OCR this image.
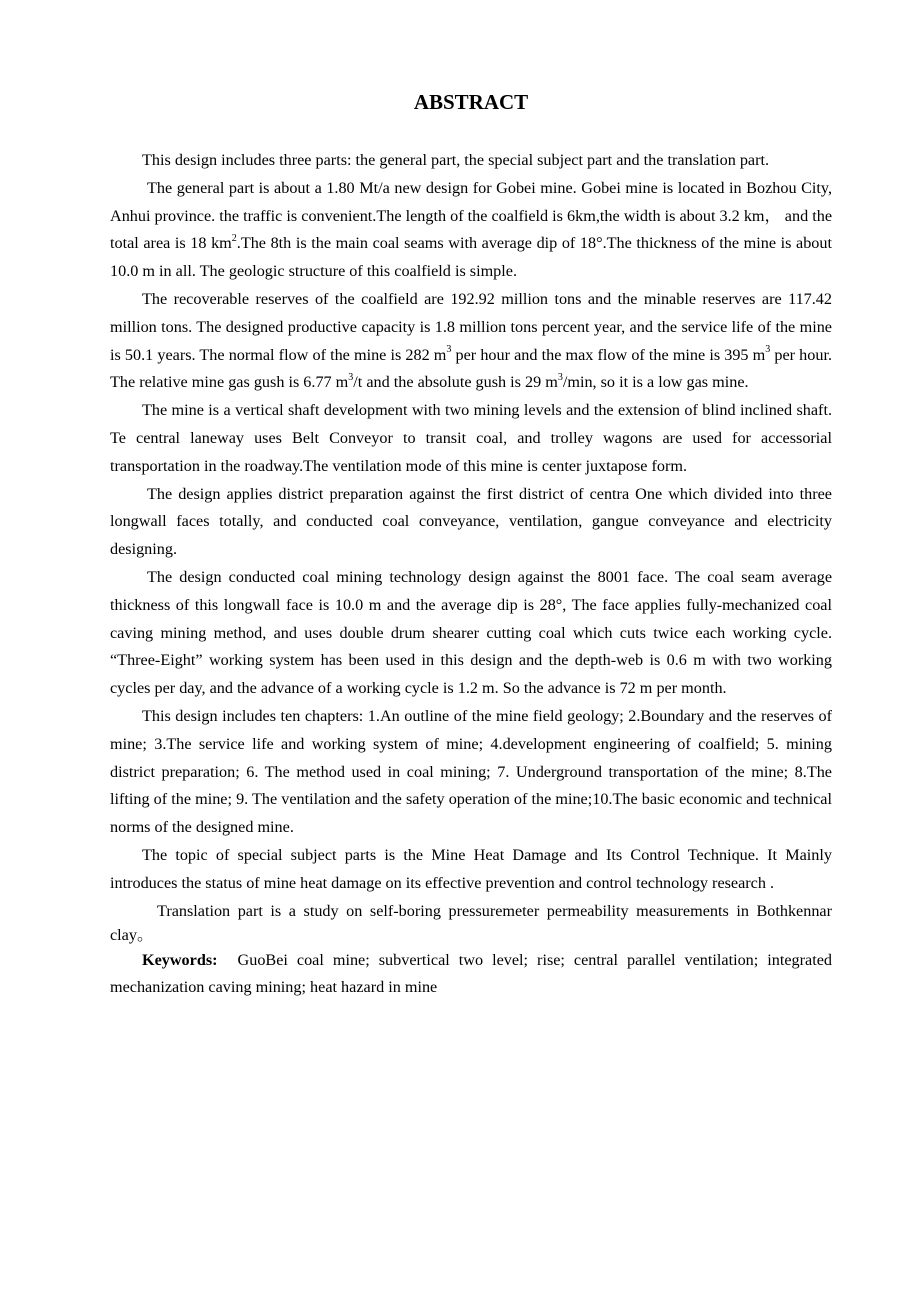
ABSTRACT

This design includes three parts: the general part, the special subject part and the translation part.

The general part is about a 1.80 Mt/a new design for Gobei mine. Gobei mine is located in Bozhou City, Anhui province. the traffic is convenient.The length of the coalfield is 6km,the width is about 3.2 km， and the total area is 18 $km^2.The$ 8th is the main coal seams with average dip of 18°.The thickness of the mine is about 10.0 m in all. The geologic structure of this coalfield is simple.

The recoverable reserves of the coalfield are 192.92 million tons and the minable reserves are 117.42 million tons. The designed productive capacity is 1.8 million tons percent year, and the service life of the mine is 50.1 years. The normal flow of the mine is 282 $m^3$ per hour and the max flow of the mine is 395 $m^3$ per hour. The relative mine gas gush is 6.77 $m^3/t$ and the absolute gush is 29 $m^3/\min$, so it is a low gas mine.

The mine is a vertical shaft development with two mining levels and the extension of blind inclined shaft. Te central laneway uses Belt Conveyor to transit coal, and trolley wagons are used for accessorial transportation in the roadway.The ventilation mode of this mine is center juxtapose form.

The design applies district preparation against the first district of centra One which divided into three longwall faces totally, and conducted coal conveyance, ventilation, gangue conveyance and electricity designing.

The design conducted coal mining technology design against the 8001 face. The coal seam average thickness of this longwall face is 10.0 m and the average dip is 28°, The face applies fully-mechanized coal caving mining method, and uses double drum shearer cutting coal which cuts twice each working cycle. “Three-Eight” working system has been used in this design and the depth-web is 0.6 m with two working cycles per day, and the advance of a working cycle is 1.2 m. So the advance is 72 m per month.

This design includes ten chapters: 1.An outline of the mine field geology; 2.Boundary and the reserves of mine; 3.The service life and working system of mine; 4.development engineering of coalfield; 5. mining district preparation; 6. The method used in coal mining; 7. Underground transportation of the mine; 8.The lifting of the mine; 9. The ventilation and the safety operation of the mine;10.The basic economic and technical norms of the designed mine.

The topic of special subject parts is the Mine Heat Damage and Its Control Technique. It Mainly introduces the status of mine heat damage on its effective prevention and control technology research .

Translation part is a study on self-boring pressuremeter permeability measurements in Bothkennar clay。

Keywords: GuoBei coal mine; subvertical two level; rise; central parallel ventilation; integrated mechanization caving mining; heat hazard in mine
